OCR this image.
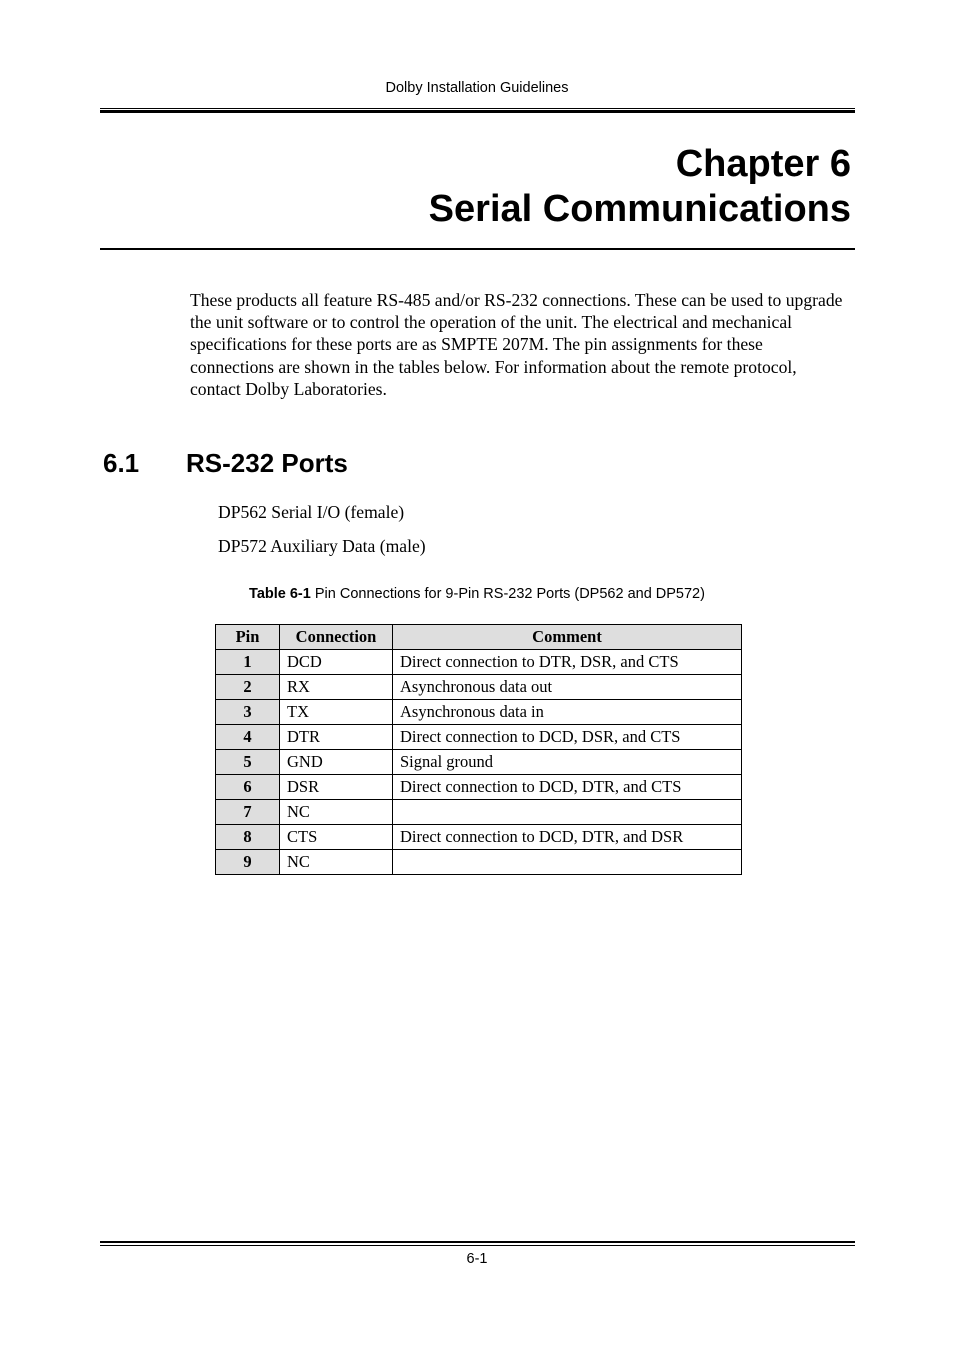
Dolby Installation Guidelines
Chapter 6
Serial Communications
These products all feature RS-485 and/or RS-232 connections. These can be used to upgrade the unit software or to control the operation of the unit. The electrical and mechanical specifications for these ports are as SMPTE 207M. The pin assignments for these connections are shown in the tables below. For information about the remote protocol, contact Dolby Laboratories.
6.1 RS-232 Ports
DP562 Serial I/O (female)
DP572 Auxiliary Data (male)
Table 6-1 Pin Connections for 9-Pin RS-232 Ports (DP562 and DP572)
Pin	Connection	Comment
1	DCD	Direct connection to DTR, DSR, and CTS
2	RX	Asynchronous data out
3	TX	Asynchronous data in
4	DTR	Direct connection to DCD, DSR, and CTS
5	GND	Signal ground
6	DSR	Direct connection to DCD, DTR, and CTS
7	NC	
8	CTS	Direct connection to DCD, DTR, and DSR
9	NC	
6-1
